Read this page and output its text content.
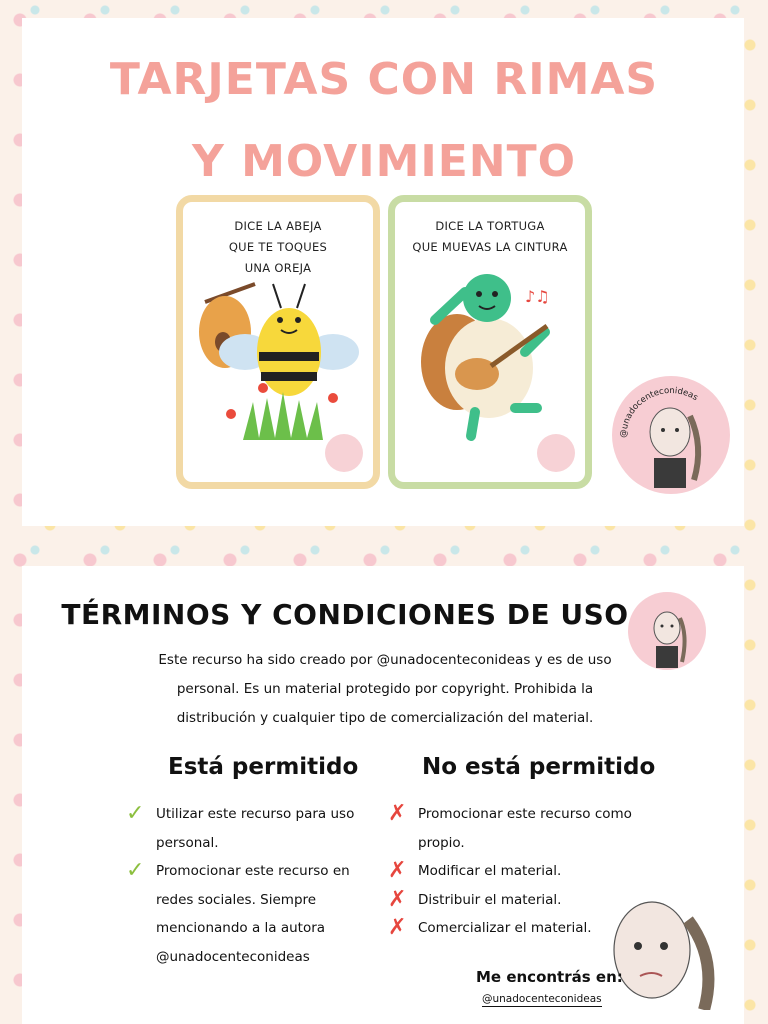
TARJETAS CON RIMAS
Y MOVIMIENTO
DICE LA ABEJA
QUE TE TOQUES
UNA OREJA
♪♫
DICE LA TORTUGA
QUE MUEVAS LA CINTURA
@unadocenteconideas
TÉRMINOS Y CONDICIONES DE USO
Este recurso ha sido creado por @unadocenteconideas y es de uso personal. Es un material protegido por copyright. Prohibida la distribución y cualquier tipo de comercialización del material.
Está permitido	No está permitido
✓ Utilizar este recurso para uso personal.
✓ Promocionar este recurso en redes sociales. Siempre mencionando a la autora @unadocenteconideas
✗ Promocionar este recurso como propio.
✗ Modificar el material.
✗ Distribuir el material.
✗ Comercializar el material.
Me encontrás en:
@unadocenteconideas
